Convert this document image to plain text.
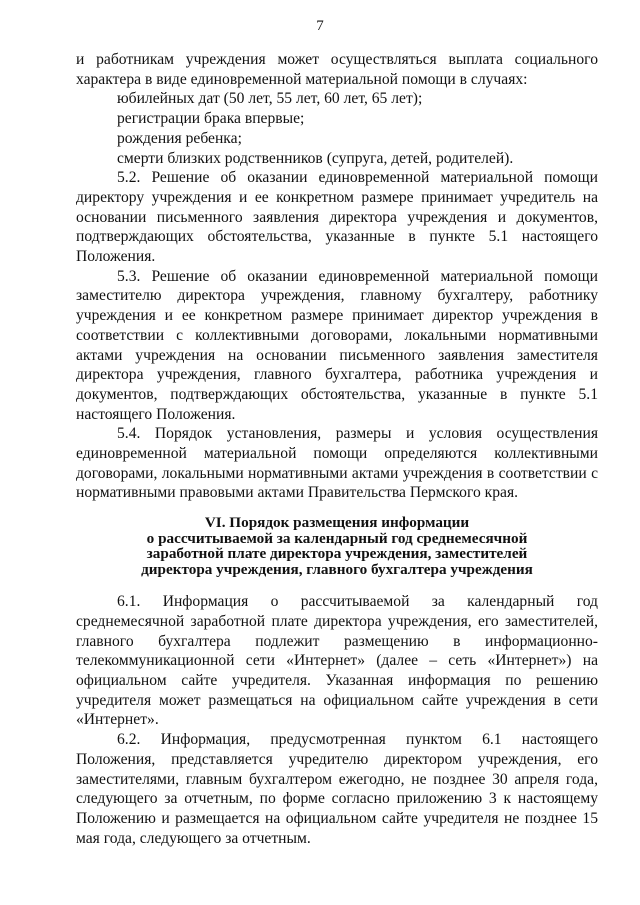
7

и работникам учреждения может осуществляться выплата социального характера в виде единовременной материальной помощи в случаях:

юбилейных дат (50 лет, 55 лет, 60 лет, 65 лет);

регистрации брака впервые;

рождения ребенка;

смерти близких родственников (супруга, детей, родителей).

5.2. Решение об оказании единовременной материальной помощи директору учреждения и ее конкретном размере принимает учредитель на основании письменного заявления директора учреждения и документов, подтверждающих обстоятельства, указанные в пункте 5.1 настоящего Положения.

5.3. Решение об оказании единовременной материальной помощи заместителю директора учреждения, главному бухгалтеру, работнику учреждения и ее конкретном размере принимает директор учреждения в соответствии с коллективными договорами, локальными нормативными актами учреждения на основании письменного заявления заместителя директора учреждения, главного бухгалтера, работника учреждения и документов, подтверждающих обстоятельства, указанные в пункте 5.1 настоящего Положения.

5.4. Порядок установления, размеры и условия осуществления единовременной материальной помощи определяются коллективными договорами, локальными нормативными актами учреждения в соответствии с нормативными правовыми актами Правительства Пермского края.

VI. Порядок размещения информации
о рассчитываемой за календарный год среднемесячной
заработной плате директора учреждения, заместителей
директора учреждения, главного бухгалтера учреждения

6.1. Информация о рассчитываемой за календарный год среднемесячной заработной плате директора учреждения, его заместителей, главного бухгалтера подлежит размещению в информационно-телекоммуникационной сети «Интернет» (далее – сеть «Интернет») на официальном сайте учредителя. Указанная информация по решению учредителя может размещаться на официальном сайте учреждения в сети «Интернет».

6.2. Информация, предусмотренная пунктом 6.1 настоящего Положения, представляется учредителю директором учреждения, его заместителями, главным бухгалтером ежегодно, не позднее 30 апреля года, следующего за отчетным, по форме согласно приложению 3 к настоящему Положению и размещается на официальном сайте учредителя не позднее 15 мая года, следующего за отчетным.
